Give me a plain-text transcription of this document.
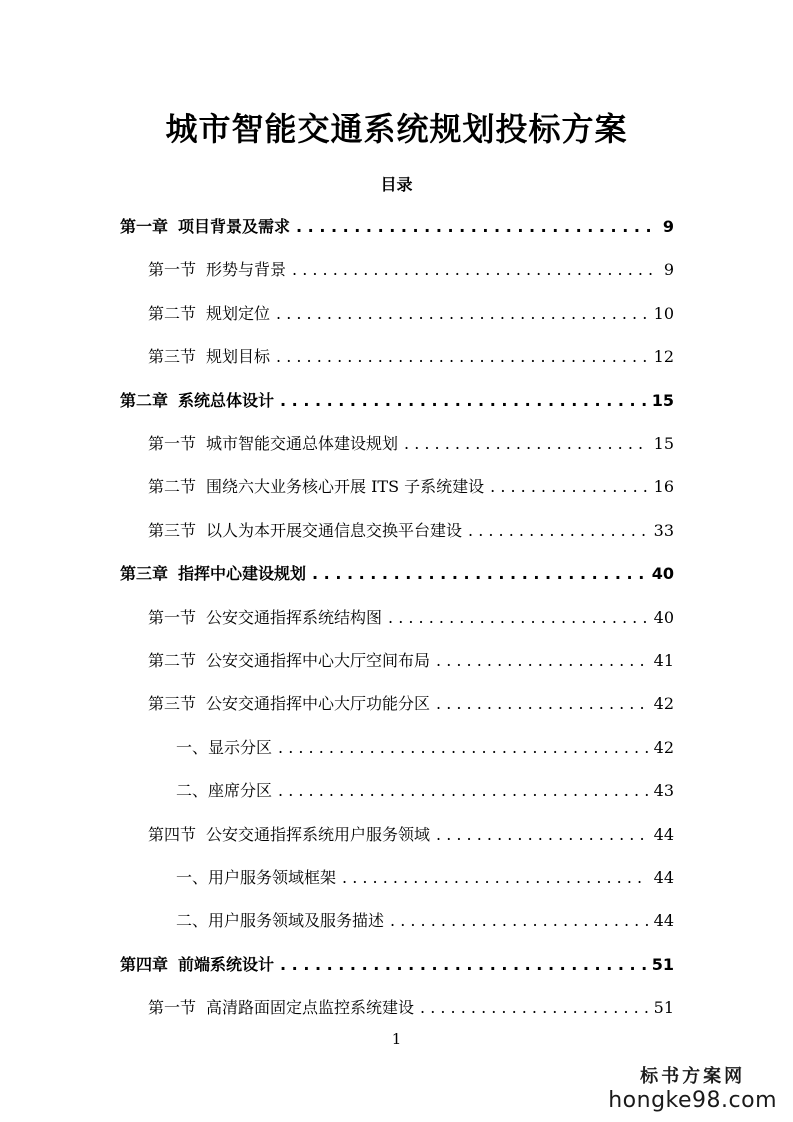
城市智能交通系统规划投标方案
目录
第一章 项目背景及需求 . . .	9
第一节 形势与背景 . . .	9
第二节 规划定位 . . .	10
第三节 规划目标 . . .	12
第二章 系统总体设计 . . .	15
第一节 城市智能交通总体建设规划 . . .	15
第二节 围绕六大业务核心开展 ITS 子系统建设 . . .	16
第三节 以人为本开展交通信息交换平台建设 . . .	33
第三章 指挥中心建设规划 . . .	40
第一节 公安交通指挥系统结构图 . . .	40
第二节 公安交通指挥中心大厅空间布局 . . .	41
第三节 公安交通指挥中心大厅功能分区 . . .	42
一、显示分区 . . .	42
二、座席分区 . . .	43
第四节 公安交通指挥系统用户服务领域 . . .	44
一、用户服务领域框架 . . .	44
二、用户服务领域及服务描述 . . .	44
第四章 前端系统设计 . . .	51
第一节 高清路面固定点监控系统建设 . . .	51
1
标书方案网
hongke98.com
